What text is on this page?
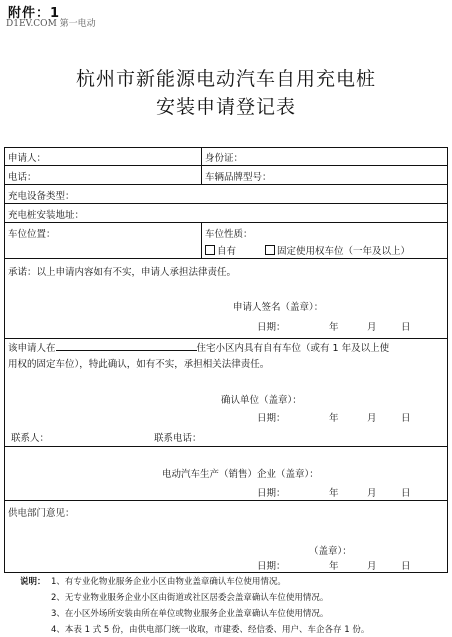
附件：1
D1EV.COM 第一电动
杭州市新能源电动汽车自用充电桩
安装申请登记表
申请人：	身份证：
电话：	车辆品牌型号：
充电设备类型：
充电桩安装地址：
车位位置：	车位性质：
自有	固定使用权车位（一年及以上）
承诺：以上申请内容如有不实，申请人承担法律责任。
申请人签名（盖章）：
日期：	年	月	日
该申请人在	住宅小区内具有自有车位（或有 1 年及以上使
用权的固定车位），特此确认，如有不实，承担相关法律责任。
确认单位（盖章）：
日期：	年	月	日
联系人：	联系电话：
电动汽车生产（销售）企业（盖章）：
日期：	年	月	日
供电部门意见：
（盖章）：
日期：	年	月	日
说明： 1、有专业化物业服务企业小区由物业盖章确认车位使用情况。
2、无专业物业服务企业小区由街道或社区居委会盖章确认车位使用情况。
3、在小区外场所安装由所在单位或物业服务企业盖章确认车位使用情况。
4、本表 1 式 5 份，由供电部门统一收取，市建委、经信委、用户、车企各存 1 份。
